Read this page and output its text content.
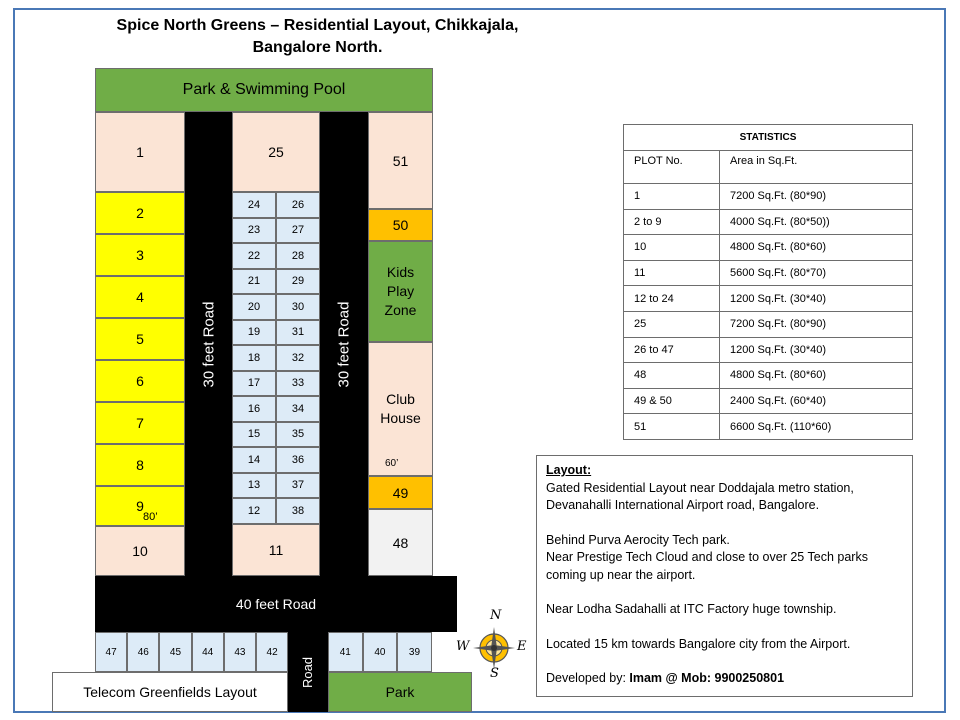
Spice North Greens – Residential Layout, Chikkajala,
Bangalore North.
Park & Swimming Pool
1
2
3
4
5
6
7
8
9
80’
10
30 feet Road
25
24	26
23	27
22	28
21	29
20	30
19	31
18	32
17	33
16	34
15	35
14	36
13	37
12	38
11
30 feet Road
51
50
Kids Play Zone
Club House
60’
49
48
40 feet Road
47	46	45	44	43	42
Road
41	40	39
Telecom Greenfields Layout	Park
N
S
W	E
STATISTICS	
PLOT No.	Area in Sq.Ft.
1	7200 Sq.Ft. (80*90)
2 to 9	4000 Sq.Ft. (80*50))
10	4800 Sq.Ft. (80*60)
11	5600 Sq.Ft. (80*70)
12 to 24	1200 Sq.Ft. (30*40)
25	7200 Sq.Ft. (80*90)
26 to 47	1200 Sq.Ft. (30*40)
48	4800 Sq.Ft. (80*60)
49 & 50	2400 Sq.Ft. (60*40)
51	6600 Sq.Ft. (110*60)

Layout:

Gated Residential Layout near Doddajala metro station,

Devanahalli International Airport road, Bangalore.

Behind Purva Aerocity Tech park.

Near Prestige Tech Cloud and close to over 25 Tech parks

coming up near the airport.

Near Lodha Sadahalli at ITC Factory huge township.

Located 15 km towards Bangalore city from the Airport.

Developed by: Imam @ Mob: 9900250801
